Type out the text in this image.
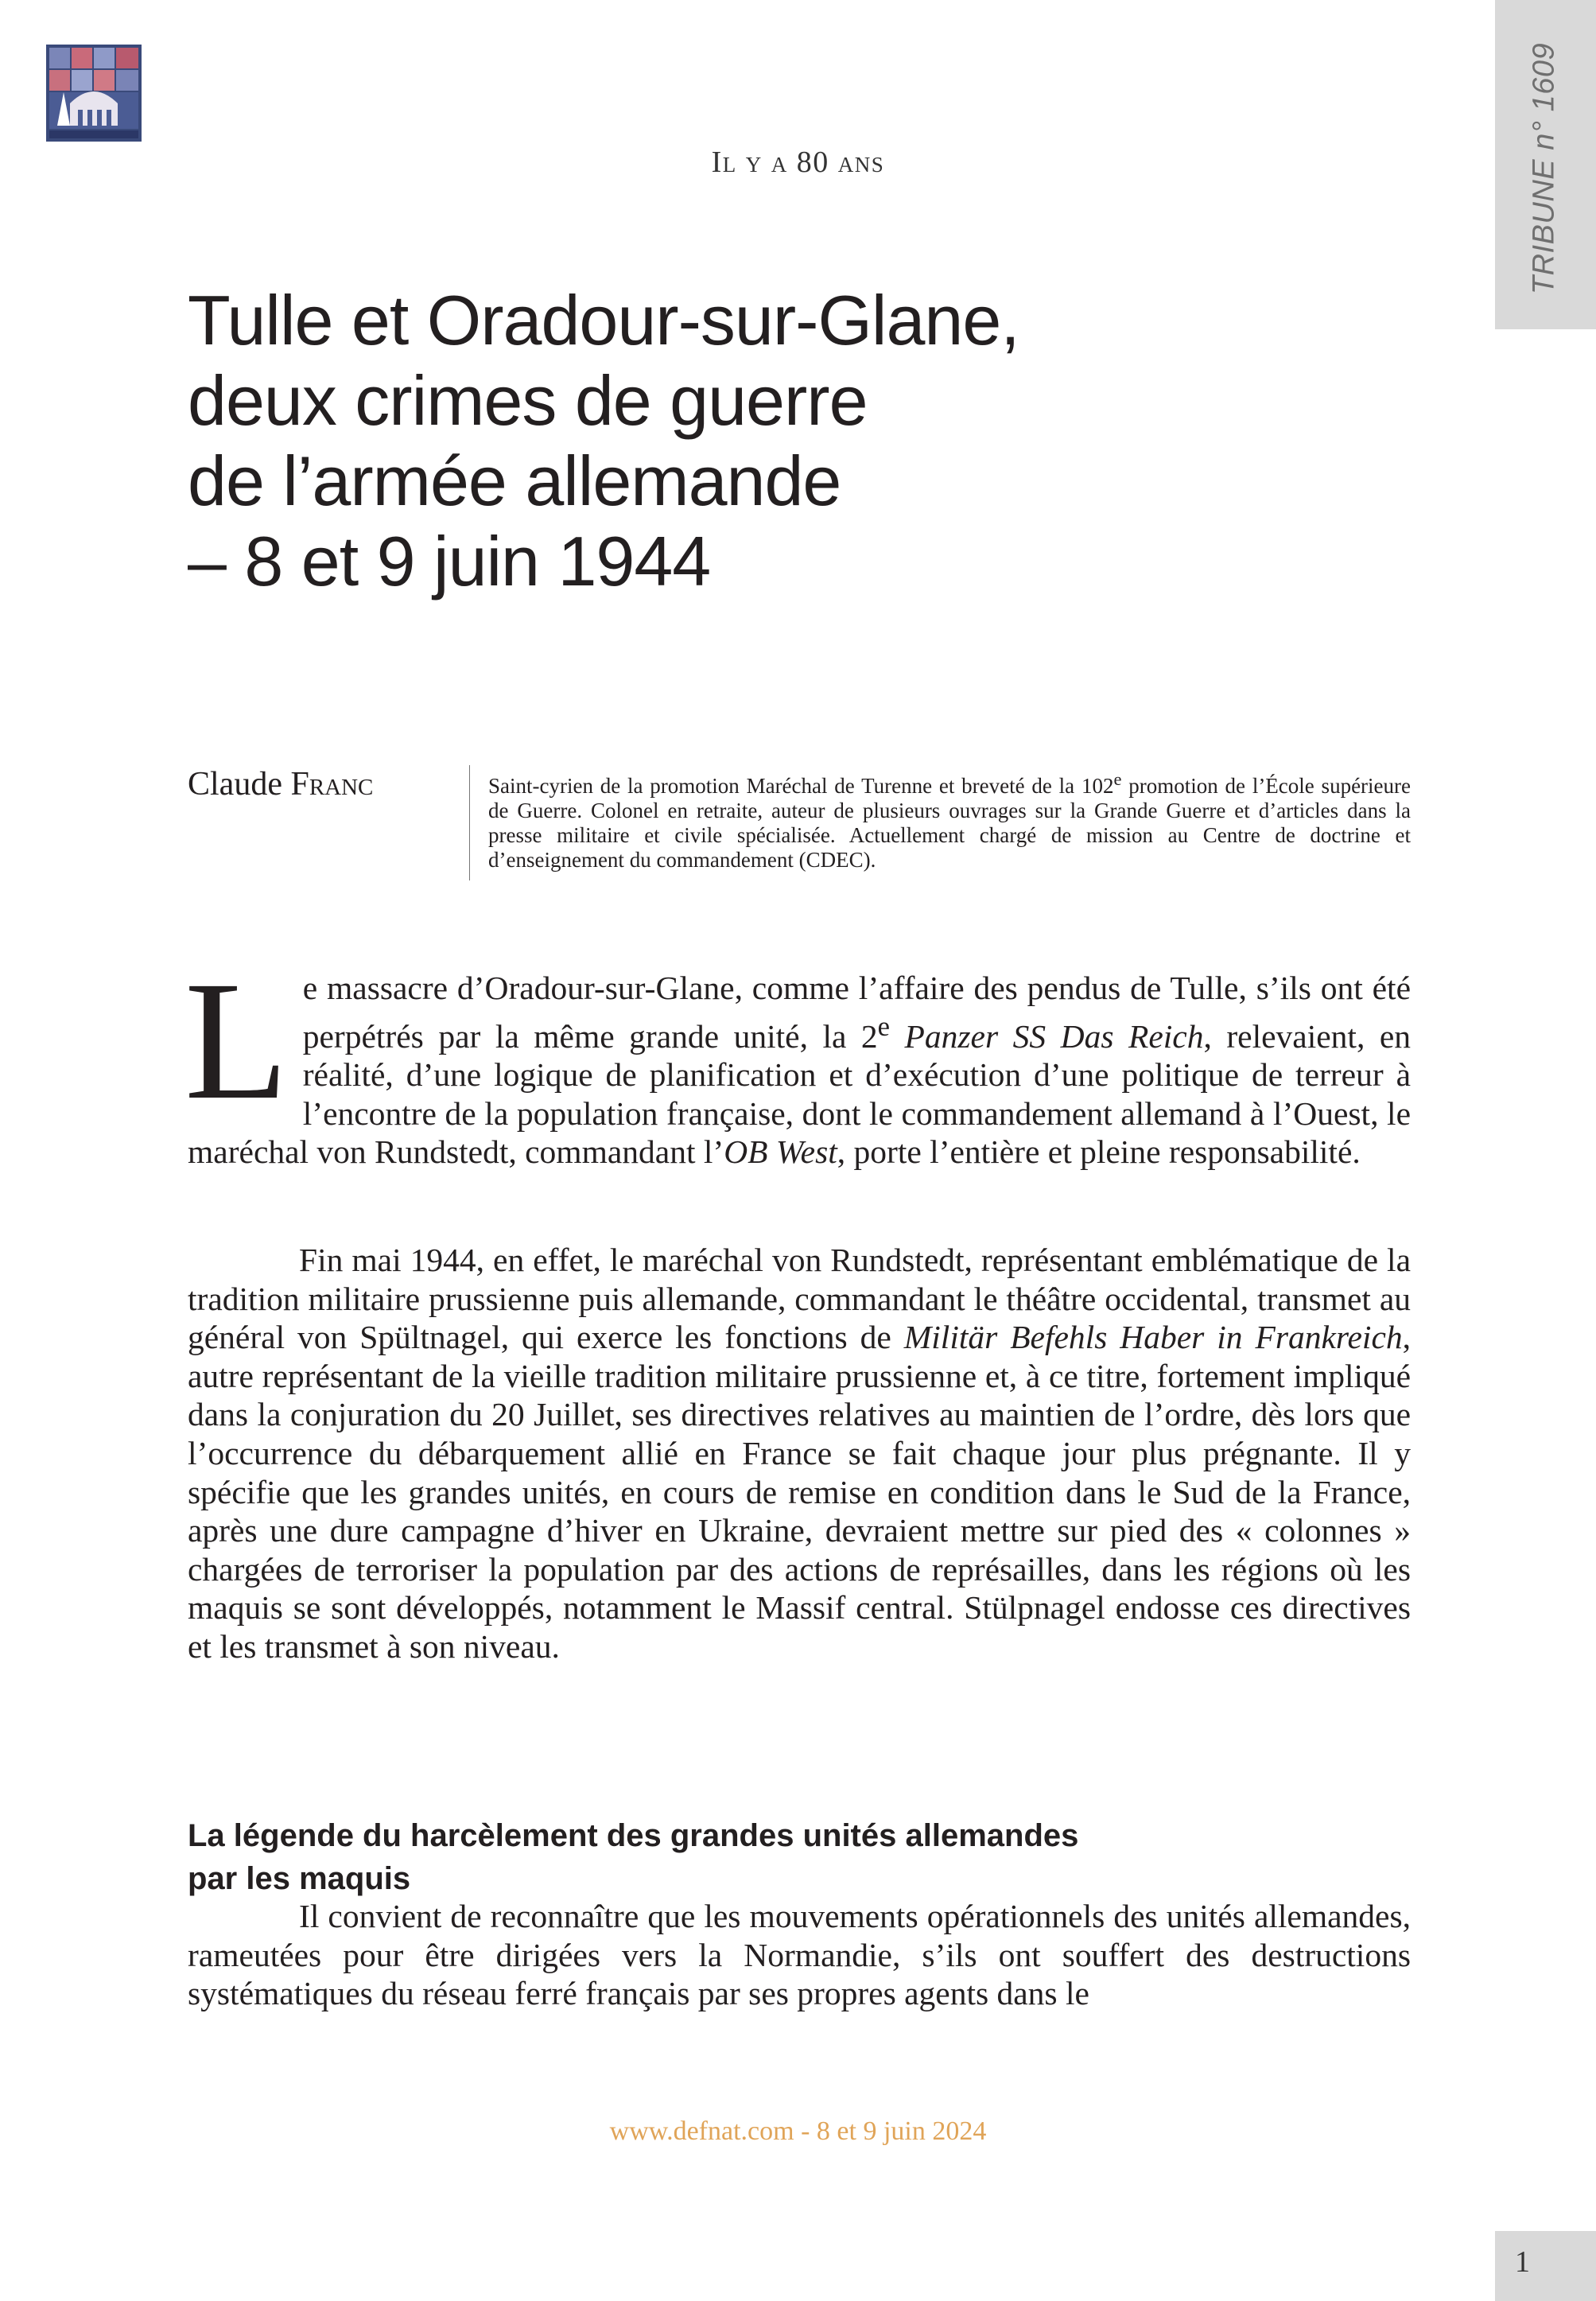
TRIBUNE n° 1609
Il y a 80 ans
Tulle et Oradour-sur-Glane,
deux crimes de guerre
de l’armée allemande
– 8 et 9 juin 1944
Claude Franc	Saint-cyrien de la promotion Maréchal de Turenne et breveté de la 102e promotion de l’École supérieure de Guerre. Colonel en retraite, auteur de plusieurs ouvrages sur la Grande Guerre et d’articles dans la presse militaire et civile spécialisée. Actuellement chargé de mission au Centre de doctrine et d’enseignement du commandement (CDEC).

Le massacre d’Oradour-sur-Glane, comme l’affaire des pendus de Tulle, s’ils ont été perpétrés par la même grande unité, la 2e Panzer SS Das Reich, relevaient, en réalité, d’une logique de planification et d’exécution d’une politique de terreur à l’encontre de la population française, dont le commandement allemand à l’Ouest, le maréchal von Rundstedt, commandant l’OB West, porte l’entière et pleine responsabilité.

Fin mai 1944, en effet, le maréchal von Rundstedt, représentant emblématique de la tradition militaire prussienne puis allemande, commandant le théâtre occidental, transmet au général von Spültnagel, qui exerce les fonctions de Militär Befehls Haber in Frankreich, autre représentant de la vieille tradition militaire prussienne et, à ce titre, fortement impliqué dans la conjuration du 20 Juillet, ses directives relatives au maintien de l’ordre, dès lors que l’occurrence du débarquement allié en France se fait chaque jour plus prégnante. Il y spécifie que les grandes unités, en cours de remise en condition dans le Sud de la France, après une dure campagne d’hiver en Ukraine, devraient mettre sur pied des « colonnes » chargées de terroriser la population par des actions de représailles, dans les régions où les maquis se sont développés, notamment le Massif central. Stülpnagel endosse ces directives et les transmet à son niveau.

La légende du harcèlement des grandes unités allemandes
par les maquis

Il convient de reconnaître que les mouvements opérationnels des unités allemandes, rameutées pour être dirigées vers la Normandie, s’ils ont souffert des destructions systématiques du réseau ferré français par ses propres agents dans le

www.defnat.com - 8 et 9 juin 2024
1
